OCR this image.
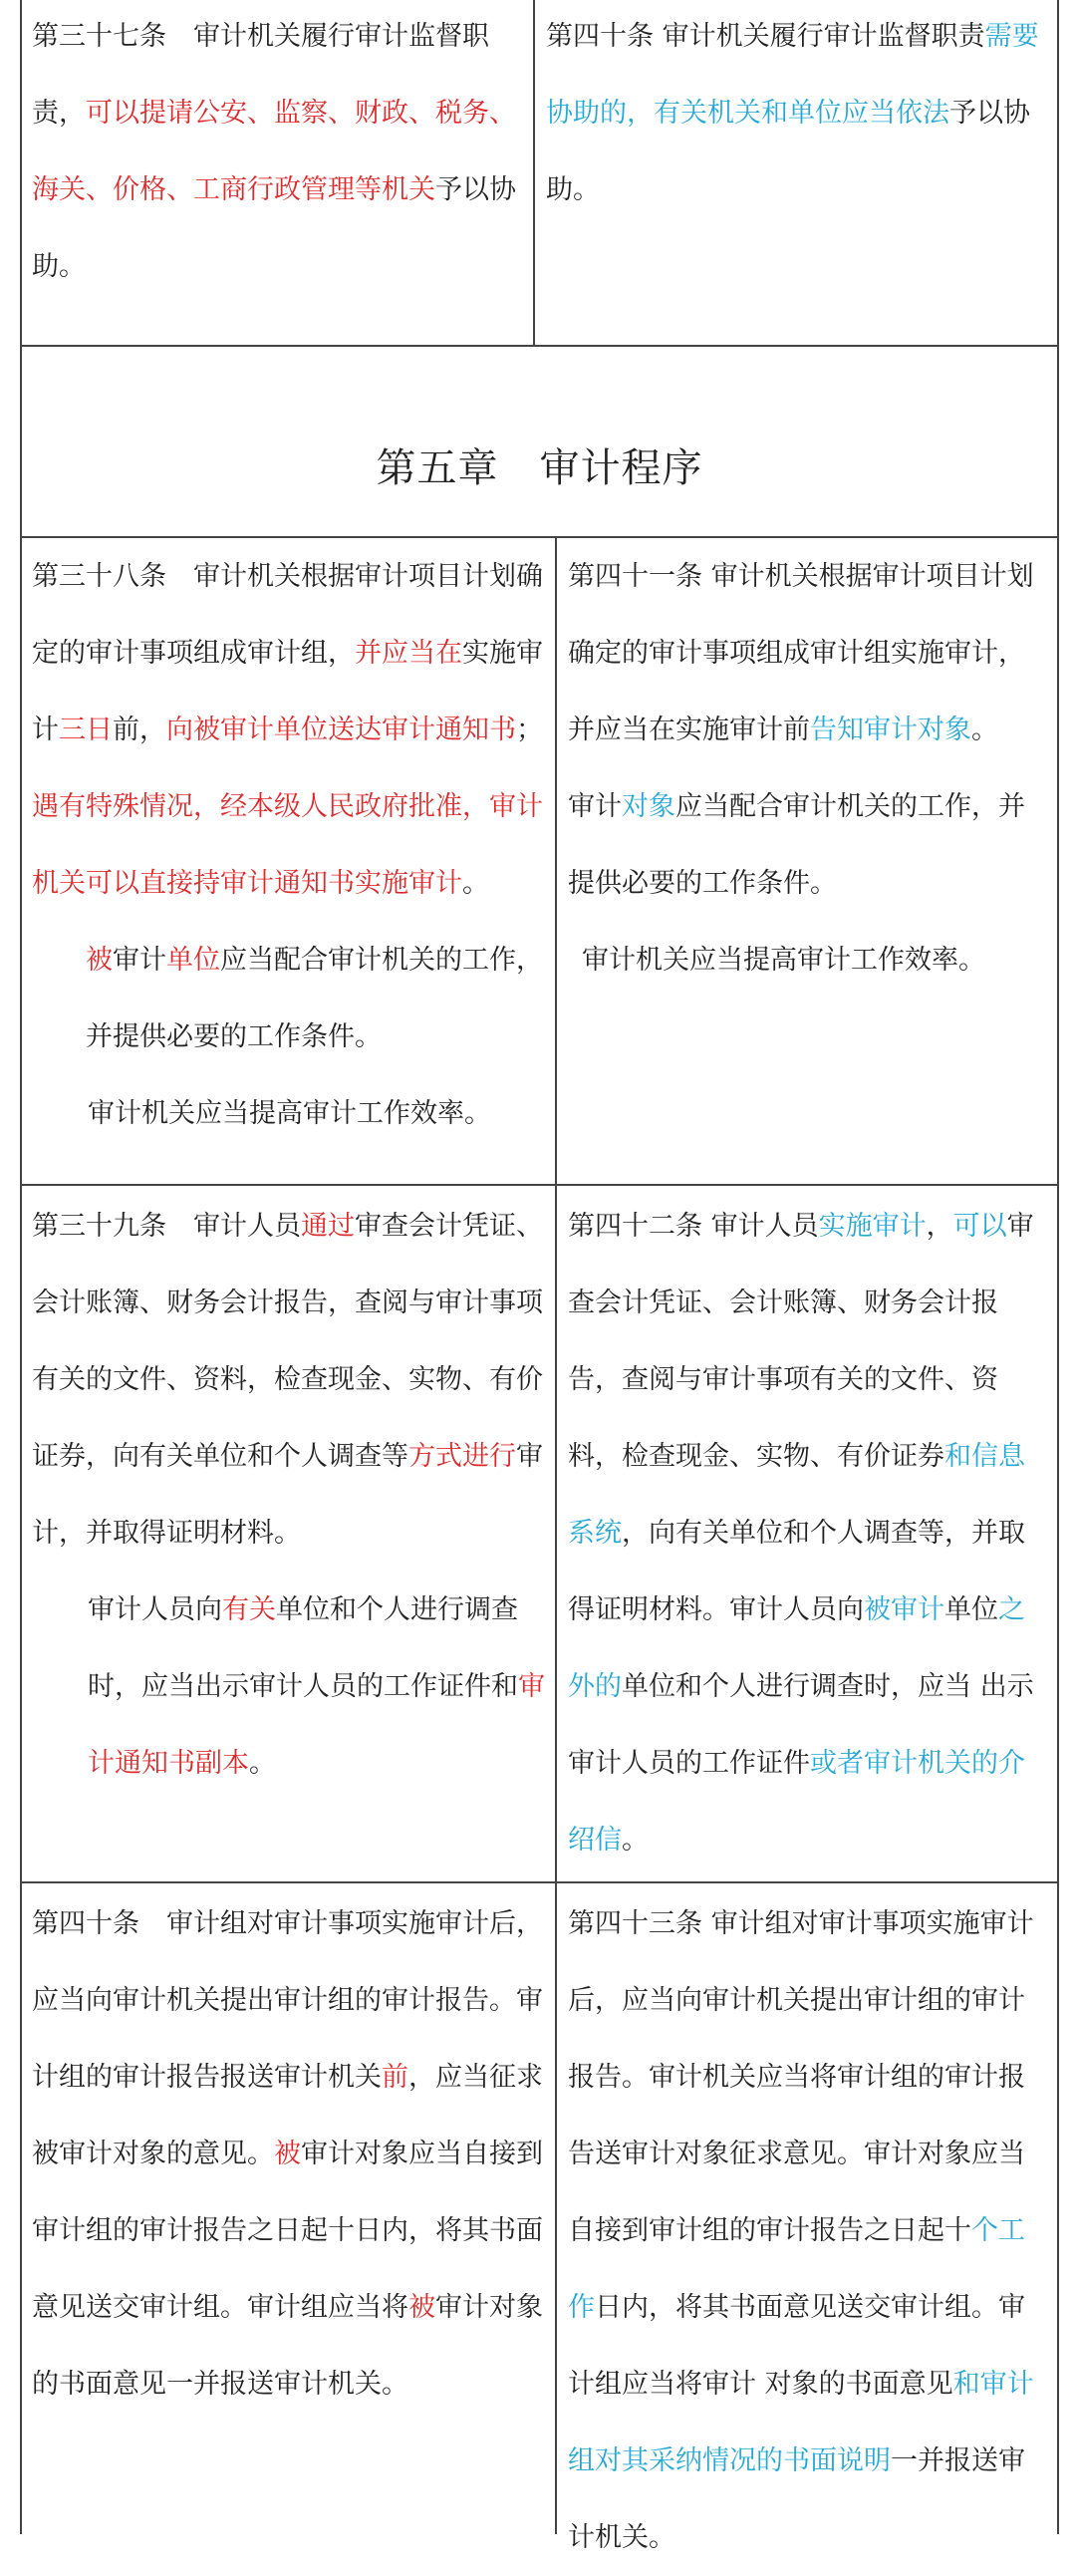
第五章　审计程序

第三十七条　审计机关履行审计监督职责，可以提请公安、监察、财政、税务、海关、价格、工商行政管理等机关予以协助。

第四十条 审计机关履行审计监督职责需要协助的，有关机关和单位应当依法予以协助。

第三十八条　审计机关根据审计项目计划确定的审计事项组成审计组，并应当在实施审计三日前，向被审计单位送达审计通知书；遇有特殊情况，经本级人民政府批准，审计机关可以直接持审计通知书实施审计。

被审计单位应当配合审计机关的工作，并提供必要的工作条件。

审计机关应当提高审计工作效率。

第四十一条 审计机关根据审计项目计划确定的审计事项组成审计组实施审计，并应当在实施审计前告知审计对象。

审计对象应当配合审计机关的工作，并提供必要的工作条件。

审计机关应当提高审计工作效率。

第三十九条　审计人员通过审查会计凭证、会计账簿、财务会计报告，查阅与审计事项有关的文件、资料，检查现金、实物、有价证券，向有关单位和个人调查等方式进行审计，并取得证明材料。

审计人员向有关单位和个人进行调查时，应当出示审计人员的工作证件和审计通知书副本。

第四十二条 审计人员实施审计，可以审查会计凭证、会计账簿、财务会计报告，查阅与审计事项有关的文件、资料，检查现金、实物、有价证券和信息系统，向有关单位和个人调查等，并取得证明材料。审计人员向被审计单位之外的单位和个人进行调查时，应当 出示审计人员的工作证件或者审计机关的介绍信。

第四十条　审计组对审计事项实施审计后，应当向审计机关提出审计组的审计报告。审计组的审计报告报送审计机关前，应当征求被审计对象的意见。被审计对象应当自接到审计组的审计报告之日起十日内，将其书面意见送交审计组。审计组应当将被审计对象的书面意见一并报送审计机关。

第四十三条 审计组对审计事项实施审计后，应当向审计机关提出审计组的审计报告。审计机关应当将审计组的审计报告送审计对象征求意见。审计对象应当自接到审计组的审计报告之日起十个工作日内，将其书面意见送交审计组。审计组应当将审计 对象的书面意见和审计组对其采纳情况的书面说明一并报送审计机关。
